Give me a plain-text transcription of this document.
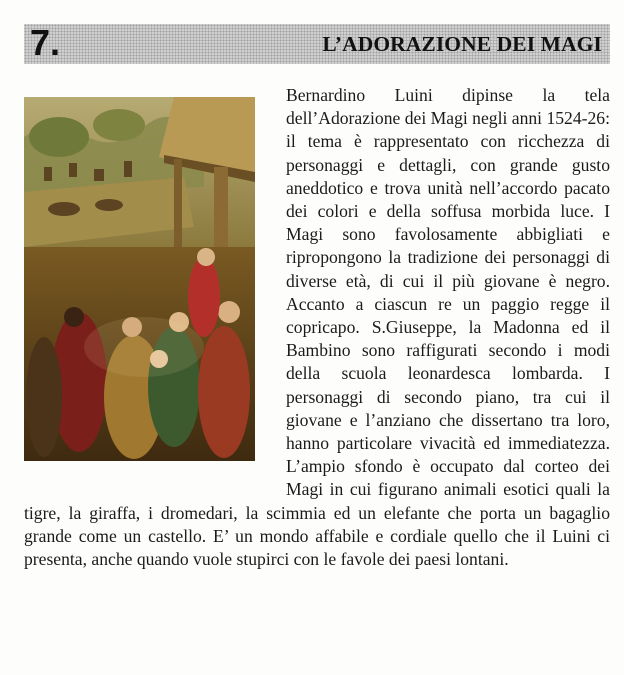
7.	L’ADORAZIONE DEI MAGI

Bernardino Luini dipinse la tela dell’Adorazione dei Magi negli anni 1524-26: il tema è rappresentato con ricchezza di personaggi e dettagli, con grande gusto aneddotico e trova unità nell’accordo pacato dei colori e della soffusa morbida luce. I Magi sono favolosamente abbigliati e ripropongono la tradizione dei personaggi di diverse età, di cui il più giovane è negro. Accanto a ciascun re un paggio regge il copricapo. S.Giuseppe, la Madonna ed il Bambino sono raffigurati secondo i modi della scuola leonardesca lombarda. I personaggi di secondo piano, tra cui il giovane e l’anziano che dissertano tra loro, hanno particolare vivacità ed immediatezza. L’ampio sfondo è occupato dal corteo dei Magi in cui figurano animali esotici quali la tigre, la giraffa, i dromedari, la scimmia ed un elefante che porta un bagaglio grande come un castello. E’ un mondo affabile e cordiale quello che il Luini ci presenta, anche quando vuole stupirci con le favole dei paesi lontani.
